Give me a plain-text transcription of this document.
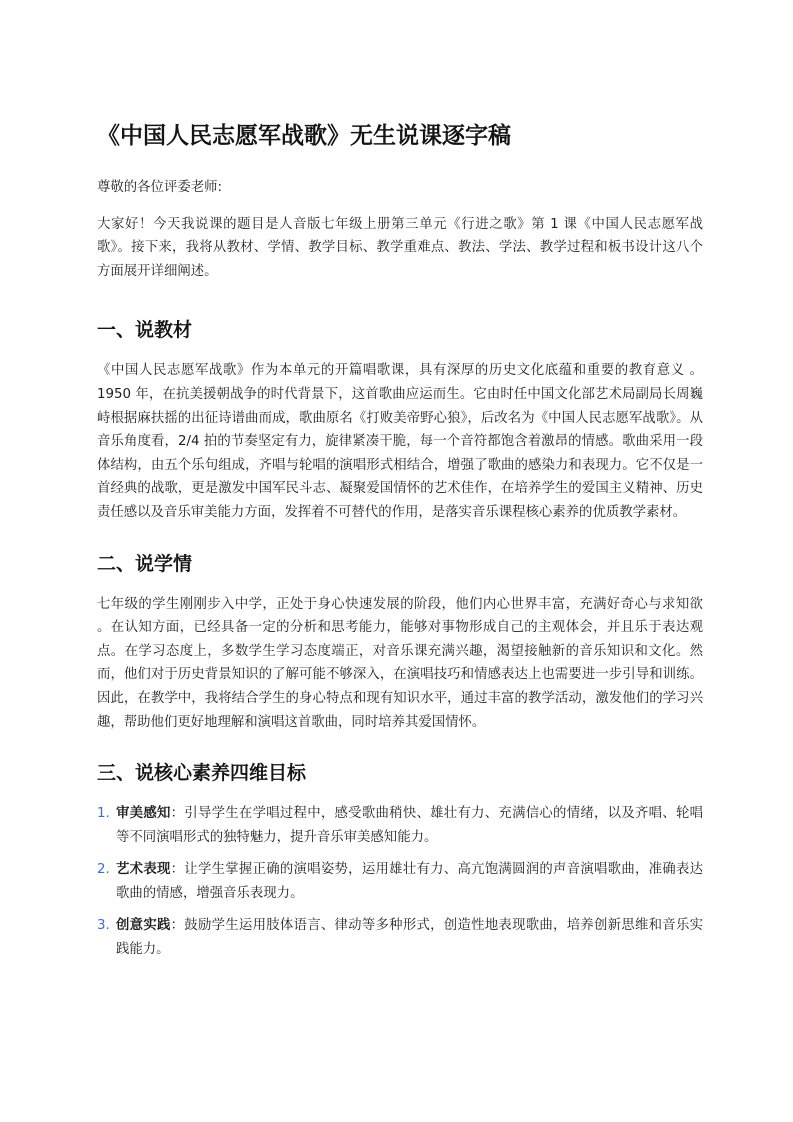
《中国人民志愿军战歌》无生说课逐字稿

尊敬的各位评委老师:

大家好！今天我说课的题目是人音版七年级上册第三单元《行进之歌》第 1 课《中国人民志愿军战歌》。接下来，我将从教材、学情、教学目标、教学重难点、教法、学法、教学过程和板书设计这八个方面展开详细阐述。

一、说教材

《中国人民志愿军战歌》作为本单元的开篇唱歌课，具有深厚的历史文化底蕴和重要的教育意义 。1950 年，在抗美援朝战争的时代背景下，这首歌曲应运而生。它由时任中国文化部艺术局副局长周巍峙根据麻扶摇的出征诗谱曲而成，歌曲原名《打败美帝野心狼》，后改名为《中国人民志愿军战歌》。从音乐角度看，2/4 拍的节奏坚定有力，旋律紧凑干脆，每一个音符都饱含着激昂的情感。歌曲采用一段体结构，由五个乐句组成，齐唱与轮唱的演唱形式相结合，增强了歌曲的感染力和表现力。它不仅是一首经典的战歌，更是激发中国军民斗志、凝聚爱国情怀的艺术佳作，在培养学生的爱国主义精神、历史责任感以及音乐审美能力方面，发挥着不可替代的作用，是落实音乐课程核心素养的优质教学素材。

二、说学情

七年级的学生刚刚步入中学，正处于身心快速发展的阶段，他们内心世界丰富，充满好奇心与求知欲 。在认知方面，已经具备一定的分析和思考能力，能够对事物形成自己的主观体会，并且乐于表达观点。在学习态度上，多数学生学习态度端正，对音乐课充满兴趣，渴望接触新的音乐知识和文化。然而，他们对于历史背景知识的了解可能不够深入，在演唱技巧和情感表达上也需要进一步引导和训练。因此，在教学中，我将结合学生的身心特点和现有知识水平，通过丰富的教学活动，激发他们的学习兴趣，帮助他们更好地理解和演唱这首歌曲，同时培养其爱国情怀。

三、说核心素养四维目标
1. 审美感知：引导学生在学唱过程中，感受歌曲稍快、雄壮有力、充满信心的情绪，以及齐唱、轮唱等不同演唱形式的独特魅力，提升音乐审美感知能力。
2. 艺术表现：让学生掌握正确的演唱姿势，运用雄壮有力、高亢饱满圆润的声音演唱歌曲，准确表达歌曲的情感，增强音乐表现力。
3. 创意实践：鼓励学生运用肢体语言、律动等多种形式，创造性地表现歌曲，培养创新思维和音乐实践能力。
